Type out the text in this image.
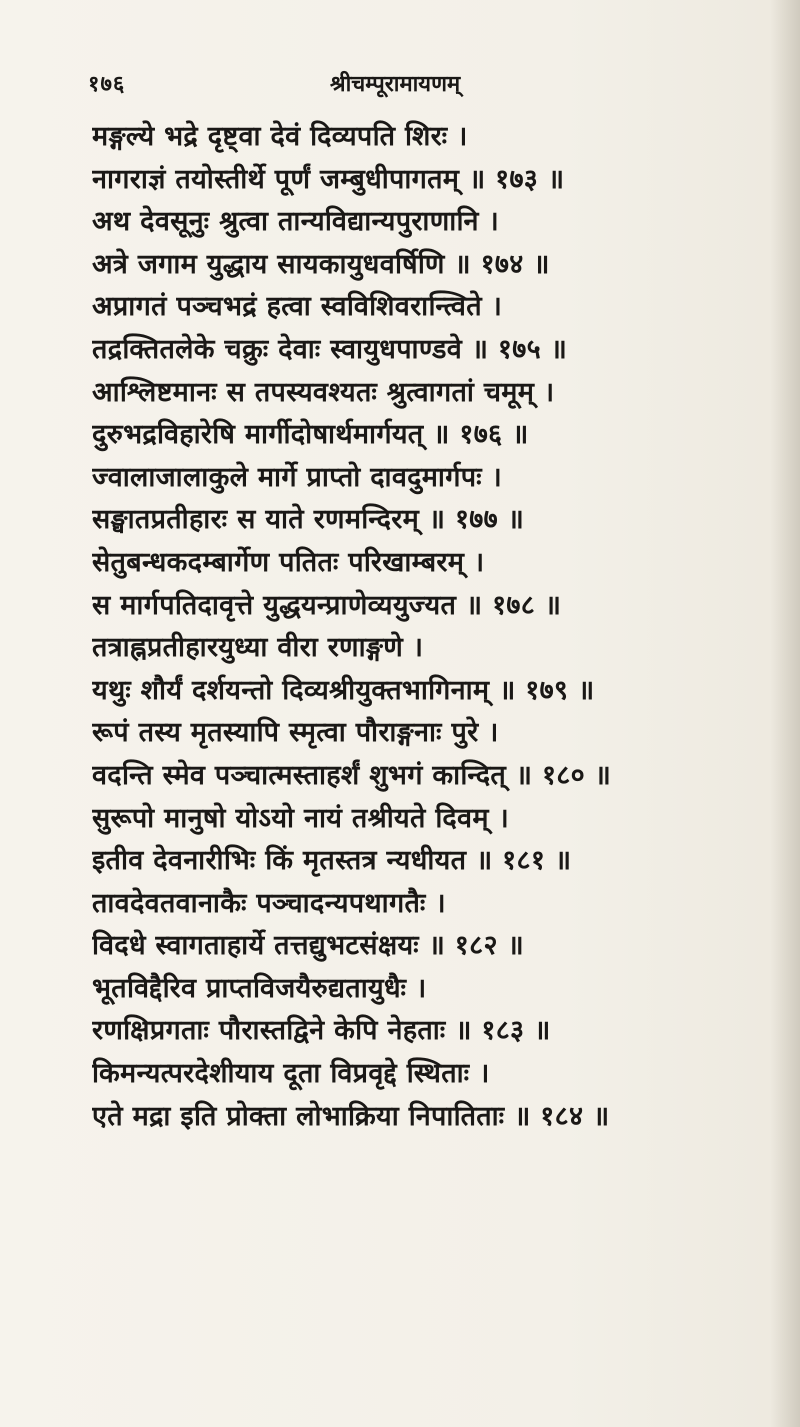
१७६	श्रीचम्पूरामायणम्
मङ्गल्ये भद्रे दृष्ट्वा देवं दिव्यपति शिरः ।
नागराज्ञं तयोस्तीर्थे पूर्णं जम्बुधीपागतम् ॥ १७३ ॥
अथ देवसूनुः श्रुत्वा तान्यविद्यान्यपुराणानि ।
अत्रे जगाम युद्धाय सायकायुधवर्षिणि ॥ १७४ ॥
अप्रागतं पञ्चभद्रं हत्वा स्वविशिवरान्त्विते ।
तद्रक्तितलेके चक्रुः देवाः स्वायुधपाण्डवे ॥ १७५ ॥
आश्लिष्टमानः स तपस्यवश्यतः श्रुत्वागतां चमूम् ।
दुरुभद्रविहारेषि मार्गीदोषार्थमार्गयत् ॥ १७६ ॥
ज्वालाजालाकुले मार्गे प्राप्तो दावदुमार्गपः ।
सङ्घातप्रतीहारः स याते रणमन्दिरम् ॥ १७७ ॥
सेतुबन्धकदम्बार्गेण पतितः परिखाम्बरम् ।
स मार्गपतिदावृत्ते युद्धयन्प्राणेव्ययुज्यत ॥ १७८ ॥
तत्राह्नप्रतीहारयुध्या वीरा रणाङ्गणे ।
यथुः शौर्यं दर्शयन्तो दिव्यश्रीयुक्तभागिनाम् ॥ १७९ ॥
रूपं तस्य मृतस्यापि स्मृत्वा पौराङ्गनाः पुरे ।
वदन्ति स्मेव पञ्चात्मस्ताहर्शं शुभगं कान्दित् ॥ १८० ॥
सुरूपो मानुषो योऽयो नायं तश्रीयते दिवम् ।
इतीव देवनारीभिः किं मृतस्तत्र न्यधीयत ॥ १८१ ॥
तावदेवतवानाकैः पञ्चादन्यपथागतैः ।
विदधे स्वागताहार्ये तत्तद्युभटसंक्षयः ॥ १८२ ॥
भूतविद्दैरिव प्राप्तविजयैरुद्यतायुधैः ।
रणक्षिप्रगताः पौरास्तद्विने केपि नेहताः ॥ १८३ ॥
किमन्यत्परदेशीयाय दूता विप्रवृद्दे स्थिताः ।
एते मद्रा इति प्रोक्ता लोभाक्रिया निपातिताः ॥ १८४ ॥
